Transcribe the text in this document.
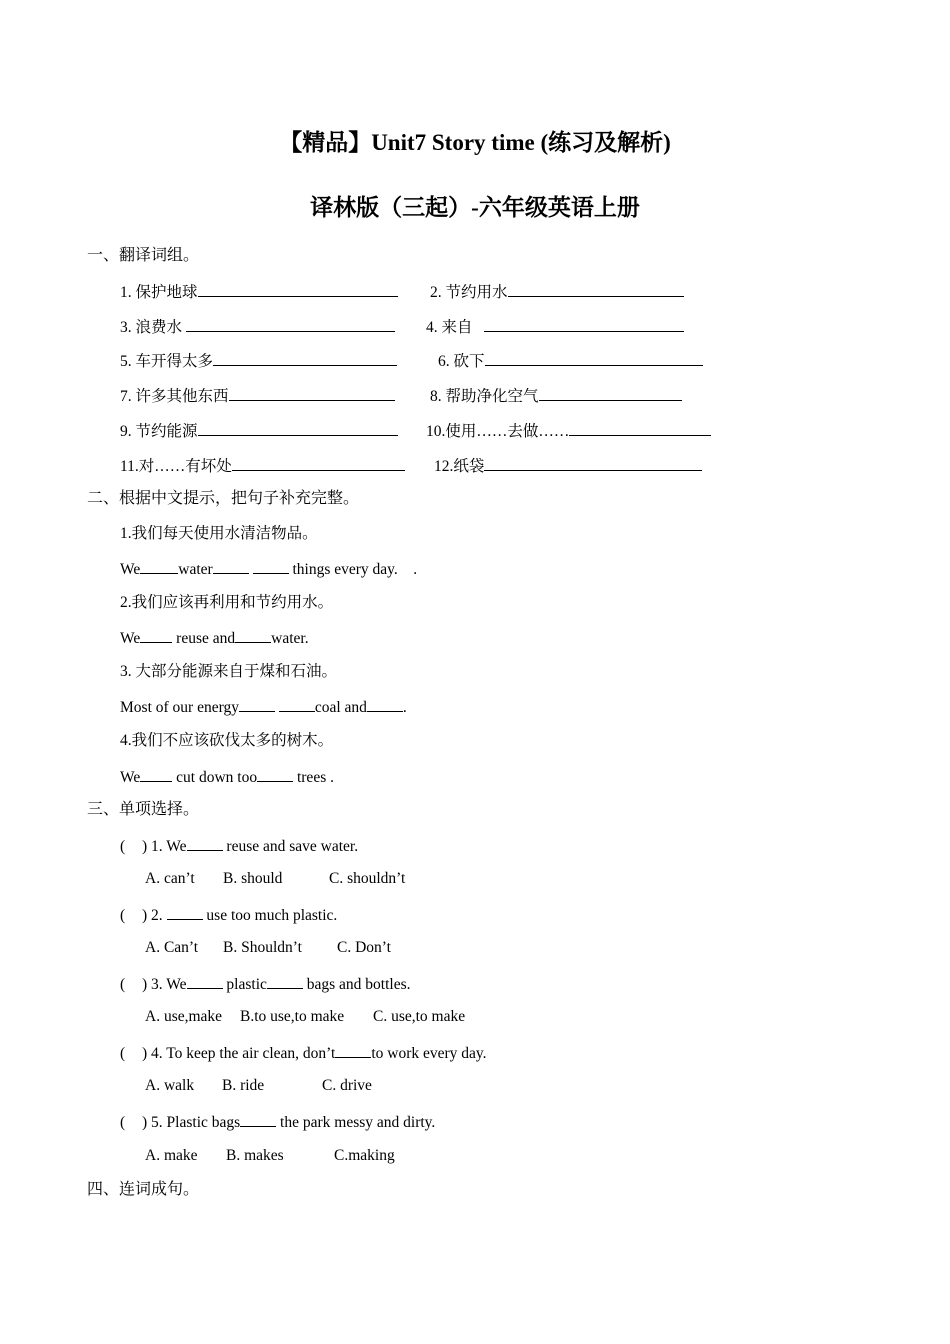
【精品】Unit7 Story time (练习及解析)
译林版（三起）-六年级英语上册
一、翻译词组。
1. 保护地球	2. 节约用水
3. 浪费水	4. 来自
5. 车开得太多	6. 砍下
7. 许多其他东西	8. 帮助净化空气
9. 节约能源	10.使用……去做……
11.对……有坏处	12.纸袋
二、根据中文提示，把句子补充完整。
1.我们每天使用水清洁物品。
We water	things every day. .
2.我们应该再利用和节约用水。
We reuse and water.
3. 大部分能源来自于煤和石油。
Most of our energy	coal and .
4.我们不应该砍伐太多的树木。
We cut down too	trees .
三、单项选择。
( ) 1. We	reuse and save water.
A. can’t B. should	C. shouldn’t
( ) 2.	use too much plastic.
A. Can’t B. Shouldn’t C. Don’t
( ) 3. We	plastic	bags and bottles.
A. use,make B.to use,to make C. use,to make
( ) 4. To keep the air clean, don’t to work every day.
A. walk B. ride	C. drive
( ) 5. Plastic bags	the park messy and dirty.
A. make B. makes	C.making
四、连词成句。
